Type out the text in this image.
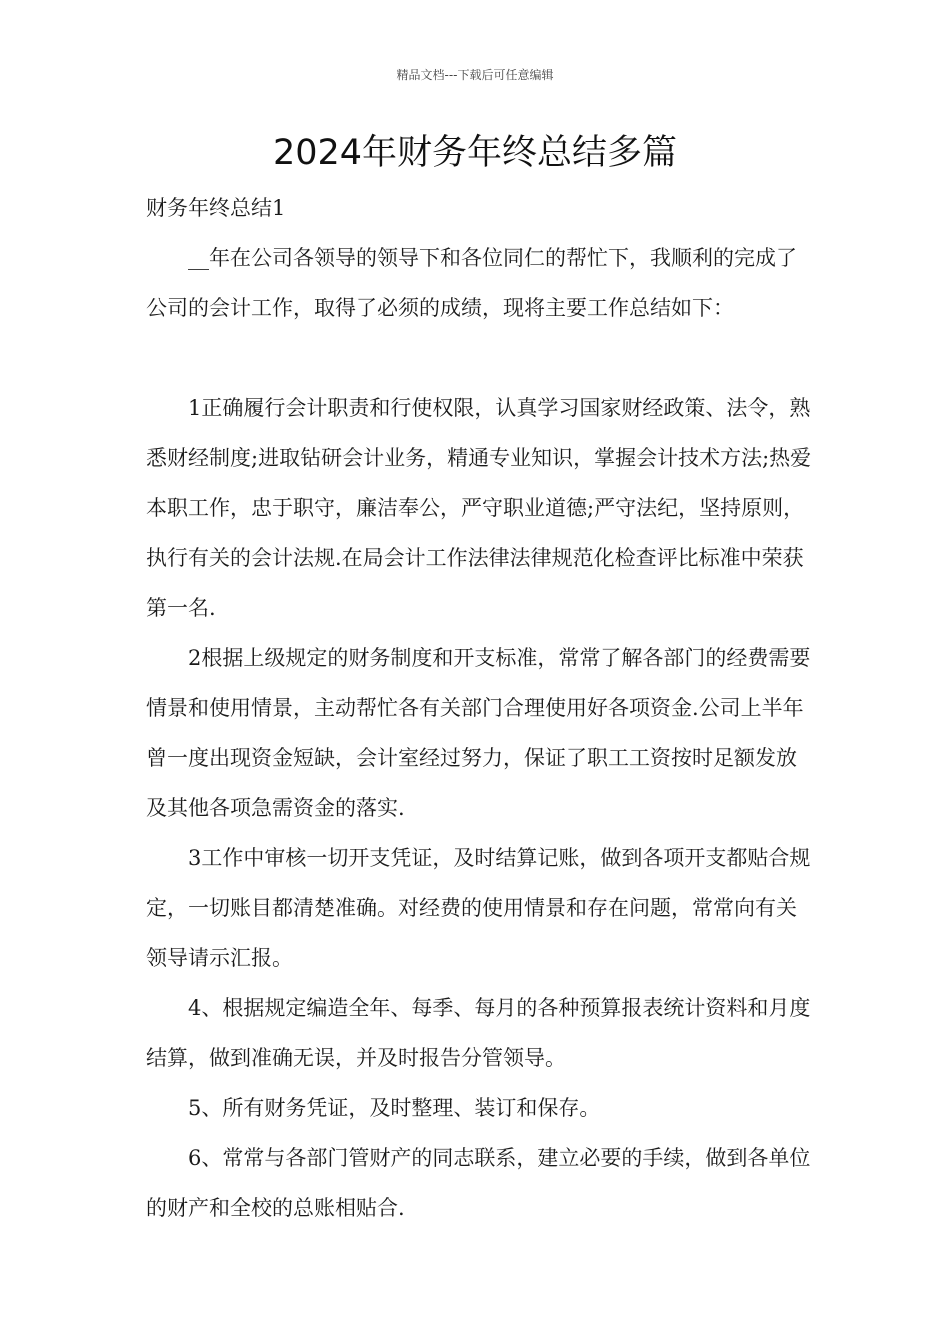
精品文档---下载后可任意编辑
2024年财务年终总结多篇

财务年终总结1

__年在公司各领导的领导下和各位同仁的帮忙下，我顺利的完成了公司的会计工作，取得了必须的成绩，现将主要工作总结如下：

1正确履行会计职责和行使权限，认真学习国家财经政策、法令，熟悉财经制度;进取钻研会计业务，精通专业知识，掌握会计技术方法;热爱本职工作，忠于职守，廉洁奉公，严守职业道德;严守法纪，坚持原则，执行有关的会计法规.在局会计工作法律法律规范化检查评比标准中荣获第一名.

2根据上级规定的财务制度和开支标准，常常了解各部门的经费需要情景和使用情景，主动帮忙各有关部门合理使用好各项资金.公司上半年曾一度出现资金短缺，会计室经过努力，保证了职工工资按时足额发放及其他各项急需资金的落实.

3工作中审核一切开支凭证，及时结算记账，做到各项开支都贴合规定，一切账目都清楚准确。对经费的使用情景和存在问题，常常向有关领导请示汇报。

4、根据规定编造全年、每季、每月的各种预算报表统计资料和月度结算，做到准确无误，并及时报告分管领导。

5、所有财务凭证，及时整理、装订和保存。

6、常常与各部门管财产的同志联系，建立必要的手续，做到各单位的财产和全校的总账相贴合.
